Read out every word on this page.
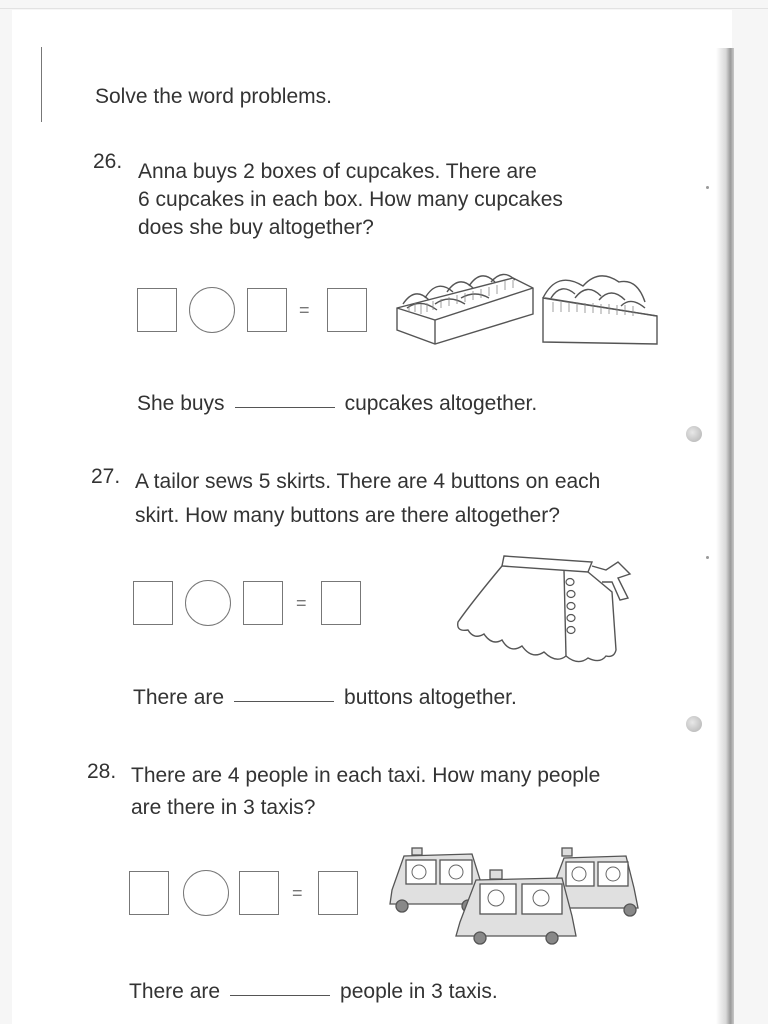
Solve the word problems.
26. Anna buys 2 boxes of cupcakes. There are
6 cupcakes in each box. How many cupcakes
does she buy altogether?
=
She buys	cupcakes altogether.
27. A tailor sews 5 skirts. There are 4 buttons on each
skirt. How many buttons are there altogether?
=
There are	buttons altogether.
28. There are 4 people in each taxi. How many people
are there in 3 taxis?
=
There are	people in 3 taxis.
